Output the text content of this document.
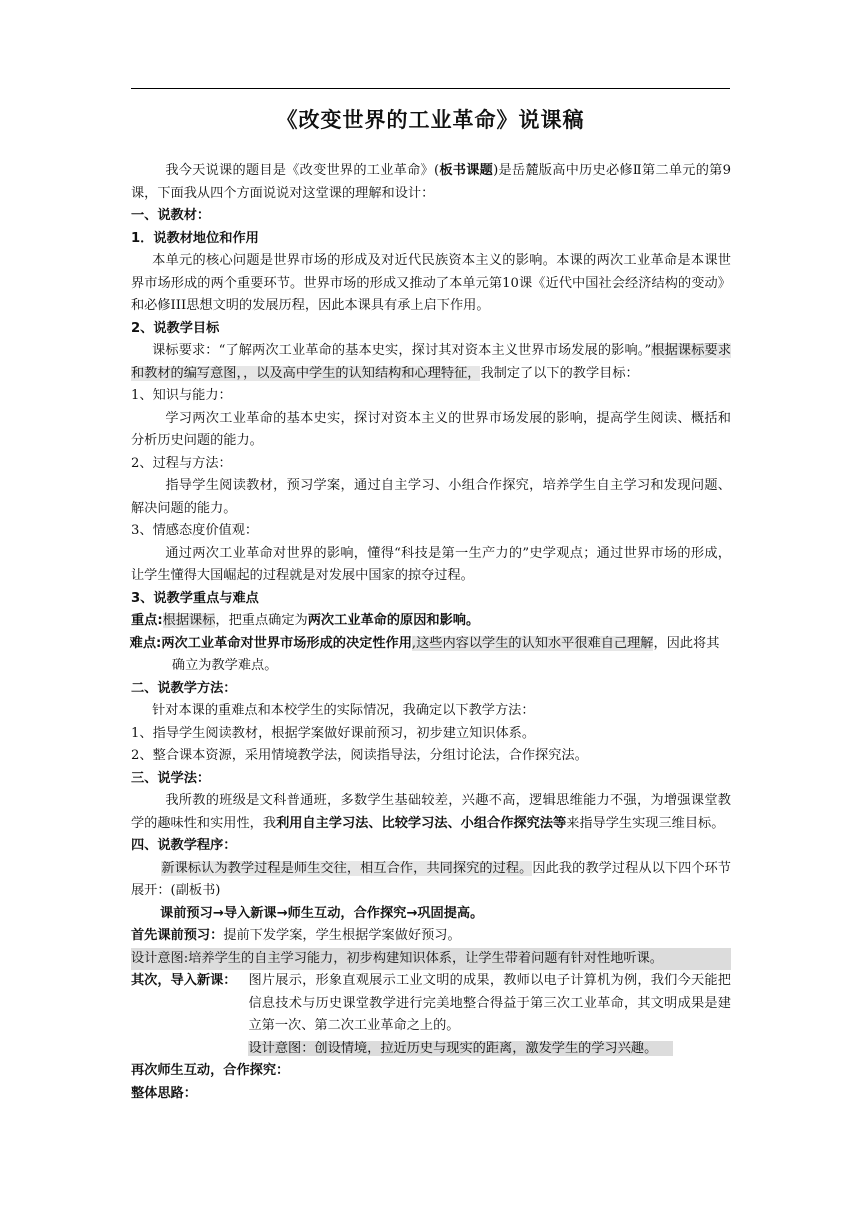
《改变世界的工业革命》说课稿

我今天说课的题目是《改变世界的工业革命》(板书课题)是岳麓版高中历史必修Ⅱ第二单元的第9课，下面我从四个方面说说对这堂课的理解和设计：

一、说教材：

1．说教材地位和作用

本单元的核心问题是世界市场的形成及对近代民族资本主义的影响。本课的两次工业革命是本课世界市场形成的两个重要环节。世界市场的形成又推动了本单元第10课《近代中国社会经济结构的变动》和必修III思想文明的发展历程，因此本课具有承上启下作用。

2、说教学目标

课标要求：“了解两次工业革命的基本史实，探讨其对资本主义世界市场发展的影响。”根据课标要求和教材的编写意图，，以及高中学生的认知结构和心理特征，我制定了以下的教学目标：

1、知识与能力：

学习两次工业革命的基本史实，探讨对资本主义的世界市场发展的影响，提高学生阅读、概括和分析历史问题的能力。

2、过程与方法：

指导学生阅读教材，预习学案，通过自主学习、小组合作探究，培养学生自主学习和发现问题、解决问题的能力。

3、情感态度价值观：

通过两次工业革命对世界的影响，懂得“科技是第一生产力的”史学观点；通过世界市场的形成，让学生懂得大国崛起的过程就是对发展中国家的掠夺过程。

3、说教学重点与难点

重点:根据课标，把重点确定为两次工业革命的原因和影响。

难点:两次工业革命对世界市场形成的决定性作用,这些内容以学生的认知水平很难自己理解，因此将其确立为教学难点。

二、说教学方法：

针对本课的重难点和本校学生的实际情况，我确定以下教学方法：

1、指导学生阅读教材，根据学案做好课前预习，初步建立知识体系。

2、整合课本资源，采用情境教学法，阅读指导法，分组讨论法，合作探究法。

三、说学法：

我所教的班级是文科普通班，多数学生基础较差，兴趣不高，逻辑思维能力不强，为增强课堂教学的趣味性和实用性，我利用自主学习法、比较学习法、小组合作探究法等来指导学生实现三维目标。

四、说教学程序：

新课标认为教学过程是师生交往，相互合作，共同探究的过程。因此我的教学过程从以下四个环节展开：(副板书)

课前预习→导入新课→师生互动，合作探究→巩固提高。

首先课前预习：提前下发学案，学生根据学案做好预习。

设计意图:培养学生的自主学习能力，初步构建知识体系，让学生带着问题有针对性地听课。

其次，导入新课： 图片展示，形象直观展示工业文明的成果，教师以电子计算机为例，我们今天能把信息技术与历史课堂教学进行完美地整合得益于第三次工业革命，其文明成果是建立第一次、第二次工业革命之上的。

设计意图：创设情境，拉近历史与现实的距离，激发学生的学习兴趣。

再次师生互动，合作探究：

整体思路：
